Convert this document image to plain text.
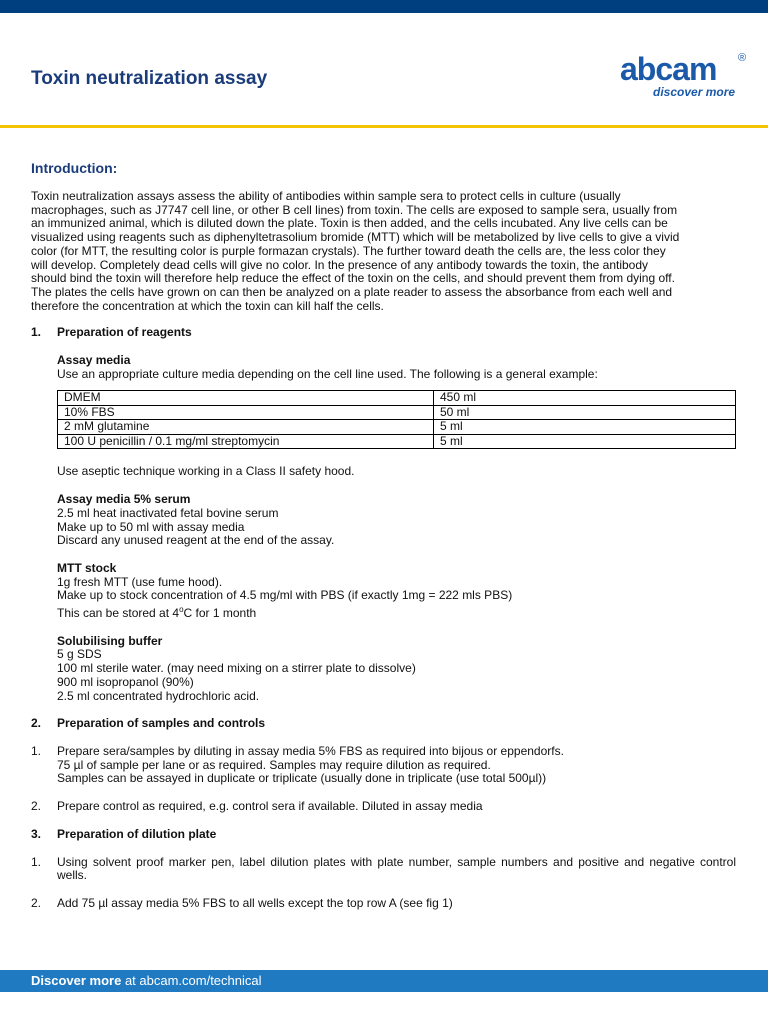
Toxin neutralization assay	abcam ®
discover more
Introduction:

Toxin neutralization assays assess the ability of antibodies within sample sera to protect cells in culture (usually

macrophages, such as J7747 cell line, or other B cell lines) from toxin. The cells are exposed to sample sera, usually from

an immunized animal, which is diluted down the plate. Toxin is then added, and the cells incubated. Any live cells can be

visualized using reagents such as diphenyltetrasolium bromide (MTT) which will be metabolized by live cells to give a vivid

color (for MTT, the resulting color is purple formazan crystals). The further toward death the cells are, the less color they

will develop. Completely dead cells will give no color. In the presence of any antibody towards the toxin, the antibody

should bind the toxin will therefore help reduce the effect of the toxin on the cells, and should prevent them from dying off.

The plates the cells have grown on can then be analyzed on a plate reader to assess the absorbance from each well and

therefore the concentration at which the toxin can kill half the cells.

1.	Preparation of reagents

Assay media

Use an appropriate culture media depending on the cell line used. The following is a general example:

DMEM	450 ml
10% FBS	50 ml
2 mM glutamine	5 ml
100 U penicillin / 0.1 mg/ml streptomycin	5 ml

Use aseptic technique working in a Class II safety hood.

Assay media 5% serum

2.5 ml heat inactivated fetal bovine serum

Make up to 50 ml with assay media

Discard any unused reagent at the end of the assay.

MTT stock

1g fresh MTT (use fume hood).

Make up to stock concentration of 4.5 mg/ml with PBS (if exactly 1mg = 222 mls PBS)

This can be stored at 4$^o$C for 1 month

Solubilising buffer

5 g SDS

100 ml sterile water. (may need mixing on a stirrer plate to dissolve)

900 ml isopropanol (90%)

2.5 ml concentrated hydrochloric acid.

2.	Preparation of samples and controls
1.	Prepare sera/samples by diluting in assay media 5% FBS as required into bijous or eppendorfs.

75 µl of sample per lane or as required. Samples may require dilution as required.

Samples can be assayed in duplicate or triplicate (usually done in triplicate (use total 500µl))

2.	Prepare control as required, e.g. control sera if available. Diluted in assay media

3.	Preparation of dilution plate
1.	Using solvent proof marker pen, label dilution plates with plate number, sample numbers and positive and negative control wells.

2.	Add 75 µl assay media 5% FBS to all wells except the top row A (see fig 1)

Discover more at abcam.com/technical
